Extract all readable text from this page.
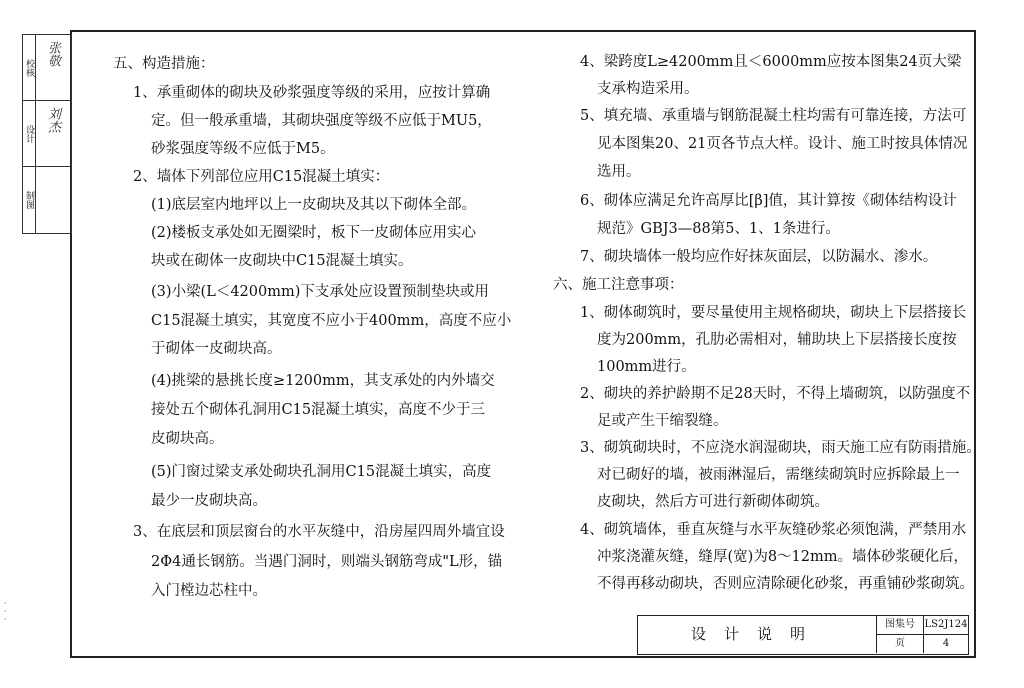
校核
张敬
设计
刘杰
制图
五、构造措施：
1、承重砌体的砌块及砂浆强度等级的采用，应按计算确
定。但一般承重墙，其砌块强度等级不应低于MU5，
砂浆强度等级不应低于M5。
2、墙体下列部位应用C15混凝土填实：
(1)底层室内地坪以上一皮砌块及其以下砌体全部。
(2)楼板支承处如无圈梁时，板下一皮砌体应用实心
块或在砌体一皮砌块中C15混凝土填实。
(3)小梁(L＜4200mm)下支承处应设置预制垫块或用
C15混凝土填实，其宽度不应小于400mm，高度不应小
于砌体一皮砌块高。
(4)挑梁的悬挑长度≥1200mm，其支承处的内外墙交
接处五个砌体孔洞用C15混凝土填实，高度不少于三
皮砌块高。
(5)门窗过梁支承处砌块孔洞用C15混凝土填实，高度
最少一皮砌块高。
3、在底层和顶层窗台的水平灰缝中，沿房屋四周外墙宜设
2Φ4通长钢筋。当遇门洞时，则端头钢筋弯成"L形，锚
入门樘边芯柱中。
4、梁跨度L≥4200mm且＜6000mm应按本图集24页大梁
支承构造采用。
5、填充墙、承重墙与钢筋混凝土柱均需有可靠连接，方法可
见本图集20、21页各节点大样。设计、施工时按具体情况
选用。
6、砌体应满足允许高厚比[β]值，其计算按《砌体结构设计
规范》GBJ3—88第5、1、1条进行。
7、砌块墙体一般均应作好抹灰面层，以防漏水、渗水。
六、施工注意事项：
1、砌体砌筑时，要尽量使用主规格砌块，砌块上下层搭接长
度为200mm，孔肋必需相对，辅助块上下层搭接长度按
100mm进行。
2、砌块的养护龄期不足28天时，不得上墙砌筑，以防强度不
足或产生干缩裂缝。
3、砌筑砌块时，不应浇水润湿砌块，雨天施工应有防雨措施。
对已砌好的墙，被雨淋湿后，需继续砌筑时应拆除最上一
皮砌块，然后方可进行新砌体砌筑。
4、砌筑墙体，垂直灰缝与水平灰缝砂浆必须饱满，严禁用水
冲浆浇灌灰缝，缝厚(宽)为8～12mm。墙体砂浆硬化后，
不得再移动砌块，否则应清除硬化砂浆，再重铺砂浆砌筑。
设计说明
图集号 LS2J124
页	4
·
·
·
